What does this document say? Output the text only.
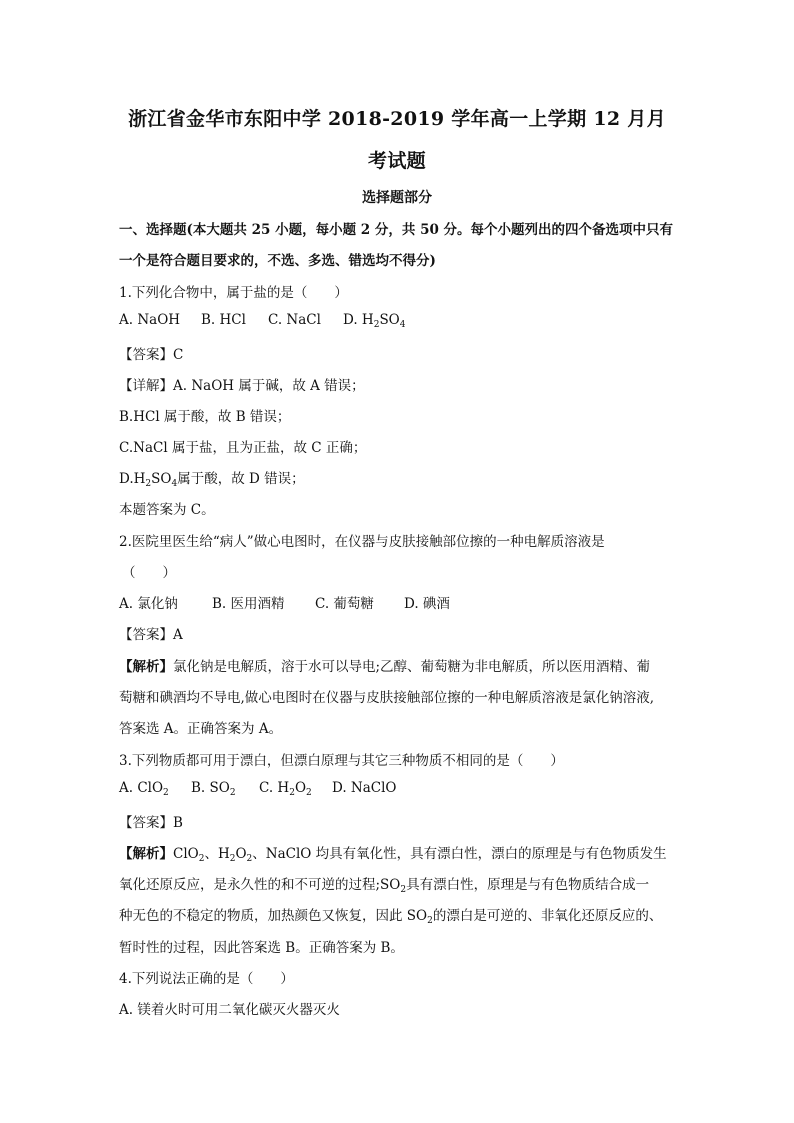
浙江省金华市东阳中学 2018-2019 学年高一上学期 12 月月
考试题
选择题部分
一、选择题(本大题共 25 小题，每小题 2 分，共 50 分。每个小题列出的四个备选项中只有
一个是符合题目要求的，不选、多选、错选均不得分)
1.下列化合物中，属于盐的是（　　）
A. NaOH B. HCl C. NaCl D. $H_2SO_4$
【答案】C
【详解】A. NaOH 属于碱，故 A 错误；
B.HCl 属于酸，故 B 错误；
C.NaCl 属于盐，且为正盐，故 C 正确；
$D.H_2SO_4$属于酸，故 D 错误；
本题答案为 C。
2.医院里医生给“病人”做心电图时，在仪器与皮肤接触部位擦的一种电解质溶液是
（　　）
A. 氯化钠	B. 医用酒精 C. 葡萄糖 D. 碘酒
【答案】A
【解析】氯化钠是电解质，溶于水可以导电;乙醇、葡萄糖为非电解质，所以医用酒精、葡
萄糖和碘酒均不导电,做心电图时在仪器与皮肤接触部位擦的一种电解质溶液是氯化钠溶液,
答案选 A。正确答案为 A。
3.下列物质都可用于漂白，但漂白原理与其它三种物质不相同的是（　　）
A. ClO$_2$ B. $SO_2$ C. $H_2O_2$ D. NaClO
【答案】B
【解析】ClO$_2$、$H_2O_2$、NaClO 均具有氧化性，具有漂白性，漂白的原理是与有色物质发生
氧化还原反应，是永久性的和不可逆的过程$;SO_2$具有漂白性，原理是与有色物质结合成一
种无色的不稳定的物质，加热颜色又恢复，因此 $SO_2$的漂白是可逆的、非氧化还原反应的、
暂时性的过程，因此答案选 B。正确答案为 B。
4.下列说法正确的是（　　）
A. 镁着火时可用二氧化碳灭火器灭火
